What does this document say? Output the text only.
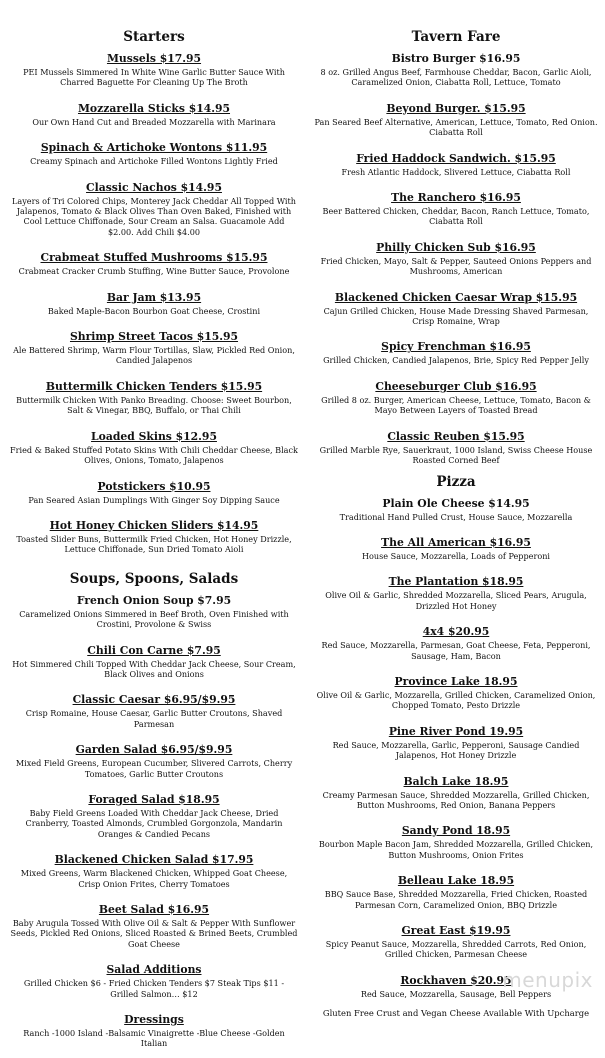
Starters
Mussels $17.95
PEI Mussels Simmered In White Wine Garlic Butter Sauce With Charred Baguette For Cleaning Up The Broth
Mozzarella Sticks $14.95
Our Own Hand Cut and Breaded Mozzarella with Marinara
Spinach & Artichoke Wontons $11.95
Creamy Spinach and Artichoke Filled Wontons Lightly Fried
Classic Nachos $14.95
Layers of Tri Colored Chips, Monterey Jack Cheddar All Topped With Jalapenos, Tomato & Black Olives Than Oven Baked, Finished with Cool Lettuce Chiffonade, Sour Cream an Salsa. Guacamole Add $2.00. Add Chili $4.00
Crabmeat Stuffed Mushrooms $15.95
Crabmeat Cracker Crumb Stuffing, Wine Butter Sauce, Provolone
Bar Jam $13.95
Baked Maple-Bacon Bourbon Goat Cheese, Crostini
Shrimp Street Tacos $15.95
Ale Battered Shrimp, Warm Flour Tortillas, Slaw, Pickled Red Onion, Candied Jalapenos
Buttermilk Chicken Tenders $15.95
Buttermilk Chicken With Panko Breading. Choose: Sweet Bourbon, Salt & Vinegar, BBQ, Buffalo, or Thai Chili
Loaded Skins $12.95
Fried & Baked Stuffed Potato Skins With Chili Cheddar Cheese, Black Olives, Onions, Tomato, Jalapenos
Potstickers $10.95
Pan Seared Asian Dumplings With Ginger Soy Dipping Sauce
Hot Honey Chicken Sliders $14.95
Toasted Slider Buns, Buttermilk Fried Chicken, Hot Honey Drizzle, Lettuce Chiffonade, Sun Dried Tomato Aioli
Soups, Spoons, Salads
French Onion Soup $7.95
Caramelized Onions Simmered in Beef Broth, Oven Finished with Crostini, Provolone & Swiss
Chili Con Carne $7.95
Hot Simmered Chili Topped With Cheddar Jack Cheese, Sour Cream, Black Olives and Onions
Classic Caesar $6.95/$9.95
Crisp Romaine, House Caesar, Garlic Butter Croutons, Shaved Parmesan
Garden Salad $6.95/$9.95
Mixed Field Greens, European Cucumber, Slivered Carrots, Cherry Tomatoes, Garlic Butter Croutons
Foraged Salad $18.95
Baby Field Greens Loaded With Cheddar Jack Cheese, Dried Cranberry, Toasted Almonds, Crumbled Gorgonzola, Mandarin Oranges & Candied Pecans
Blackened Chicken Salad $17.95
Mixed Greens, Warm Blackened Chicken, Whipped Goat Cheese, Crisp Onion Frites, Cherry Tomatoes
Beet Salad $16.95
Baby Arugula Tossed With Olive Oil & Salt & Pepper With Sunflower Seeds, Pickled Red Onions, Sliced Roasted & Brined Beets, Crumbled Goat Cheese
Salad Additions
Grilled Chicken $6 - Fried Chicken Tenders $7 Steak Tips $11 - Grilled Salmon… $12
Dressings
Ranch -1000 Island -Balsamic Vinaigrette -Blue Cheese -Golden Italian
Tavern Fare
Bistro Burger $16.95
8 oz. Grilled Angus Beef, Farmhouse Cheddar, Bacon, Garlic Aioli, Caramelized Onion, Ciabatta Roll, Lettuce, Tomato
Beyond Burger. $15.95
Pan Seared Beef Alternative, American, Lettuce, Tomato, Red Onion. Ciabatta Roll
Fried Haddock Sandwich. $15.95
Fresh Atlantic Haddock, Slivered Lettuce, Ciabatta Roll
The Ranchero $16.95
Beer Battered Chicken, Cheddar, Bacon, Ranch Lettuce, Tomato, Ciabatta Roll
Philly Chicken Sub $16.95
Fried Chicken, Mayo, Salt & Pepper, Sauteed Onions Peppers and Mushrooms, American
Blackened Chicken Caesar Wrap $15.95
Cajun Grilled Chicken, House Made Dressing Shaved Parmesan, Crisp Romaine, Wrap
Spicy Frenchman $16.95
Grilled Chicken, Candied Jalapenos, Brie, Spicy Red Pepper Jelly
Cheeseburger Club $16.95
Grilled 8 oz. Burger, American Cheese, Lettuce, Tomato, Bacon & Mayo Between Layers of Toasted Bread
Classic Reuben $15.95
Grilled Marble Rye, Sauerkraut, 1000 Island, Swiss Cheese House Roasted Corned Beef
Pizza
Plain Ole Cheese $14.95
Traditional Hand Pulled Crust, House Sauce, Mozzarella
The All American $16.95
House Sauce, Mozzarella, Loads of Pepperoni
The Plantation $18.95
Olive Oil & Garlic, Shredded Mozzarella, Sliced Pears, Arugula, Drizzled Hot Honey
4x4 $20.95
Red Sauce, Mozzarella, Parmesan, Goat Cheese, Feta, Pepperoni, Sausage, Ham, Bacon
Province Lake 18.95
Olive Oil & Garlic, Mozzarella, Grilled Chicken, Caramelized Onion, Chopped Tomato, Pesto Drizzle
Pine River Pond 19.95
Red Sauce, Mozzarella, Garlic, Pepperoni, Sausage Candied Jalapenos, Hot Honey Drizzle
Balch Lake 18.95
Creamy Parmesan Sauce, Shredded Mozzarella, Grilled Chicken, Button Mushrooms, Red Onion, Banana Peppers
Sandy Pond 18.95
Bourbon Maple Bacon Jam, Shredded Mozzarella, Grilled Chicken, Button Mushrooms, Onion Frites
Belleau Lake 18.95
BBQ Sauce Base, Shredded Mozzarella, Fried Chicken, Roasted Parmesan Corn, Caramelized Onion, BBQ Drizzle
Great East $19.95
Spicy Peanut Sauce, Mozzarella, Shredded Carrots, Red Onion, Grilled Chicken, Parmesan Cheese
Rockhaven $20.95
Red Sauce, Mozzarella, Sausage, Bell Peppers
Gluten Free Crust and Vegan Cheese Available With Upcharge
menupix
